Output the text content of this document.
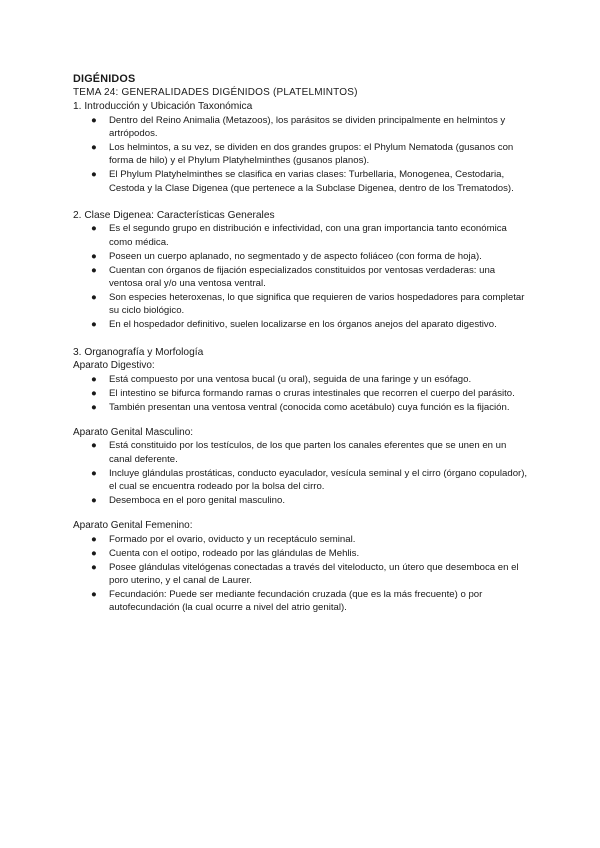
DIGÉNIDOS
TEMA 24: GENERALIDADES DIGÉNIDOS (PLATELMINTOS)
1. Introducción y Ubicación Taxonómica
● Dentro del Reino Animalia (Metazoos), los parásitos se dividen principalmente en helmintos y artrópodos.
● Los helmintos, a su vez, se dividen en dos grandes grupos: el Phylum Nematoda (gusanos con forma de hilo) y el Phylum Platyhelminthes (gusanos planos).
● El Phylum Platyhelminthes se clasifica en varias clases: Turbellaria, Monogenea, Cestodaria, Cestoda y la Clase Digenea (que pertenece a la Subclase Digenea, dentro de los Trematodos).
2. Clase Digenea: Características Generales
● Es el segundo grupo en distribución e infectividad, con una gran importancia tanto económica como médica.
● Poseen un cuerpo aplanado, no segmentado y de aspecto foliáceo (con forma de hoja).
● Cuentan con órganos de fijación especializados constituidos por ventosas verdaderas: una ventosa oral y/o una ventosa ventral.
● Son especies heteroxenas, lo que significa que requieren de varios hospedadores para completar su ciclo biológico.
● En el hospedador definitivo, suelen localizarse en los órganos anejos del aparato digestivo.
3. Organografía y Morfología
Aparato Digestivo:
● Está compuesto por una ventosa bucal (u oral), seguida de una faringe y un esófago.
● El intestino se bifurca formando ramas o cruras intestinales que recorren el cuerpo del parásito.
● También presentan una ventosa ventral (conocida como acetábulo) cuya función es la fijación.
Aparato Genital Masculino:
● Está constituido por los testículos, de los que parten los canales eferentes que se unen en un canal deferente.
● Incluye glándulas prostáticas, conducto eyaculador, vesícula seminal y el cirro (órgano copulador), el cual se encuentra rodeado por la bolsa del cirro.
● Desemboca en el poro genital masculino.
Aparato Genital Femenino:
● Formado por el ovario, oviducto y un receptáculo seminal.
● Cuenta con el ootipo, rodeado por las glándulas de Mehlis.
● Posee glándulas vitelógenas conectadas a través del viteloducto, un útero que desemboca en el poro uterino, y el canal de Laurer.
● Fecundación: Puede ser mediante fecundación cruzada (que es la más frecuente) o por autofecundación (la cual ocurre a nivel del atrio genital).
